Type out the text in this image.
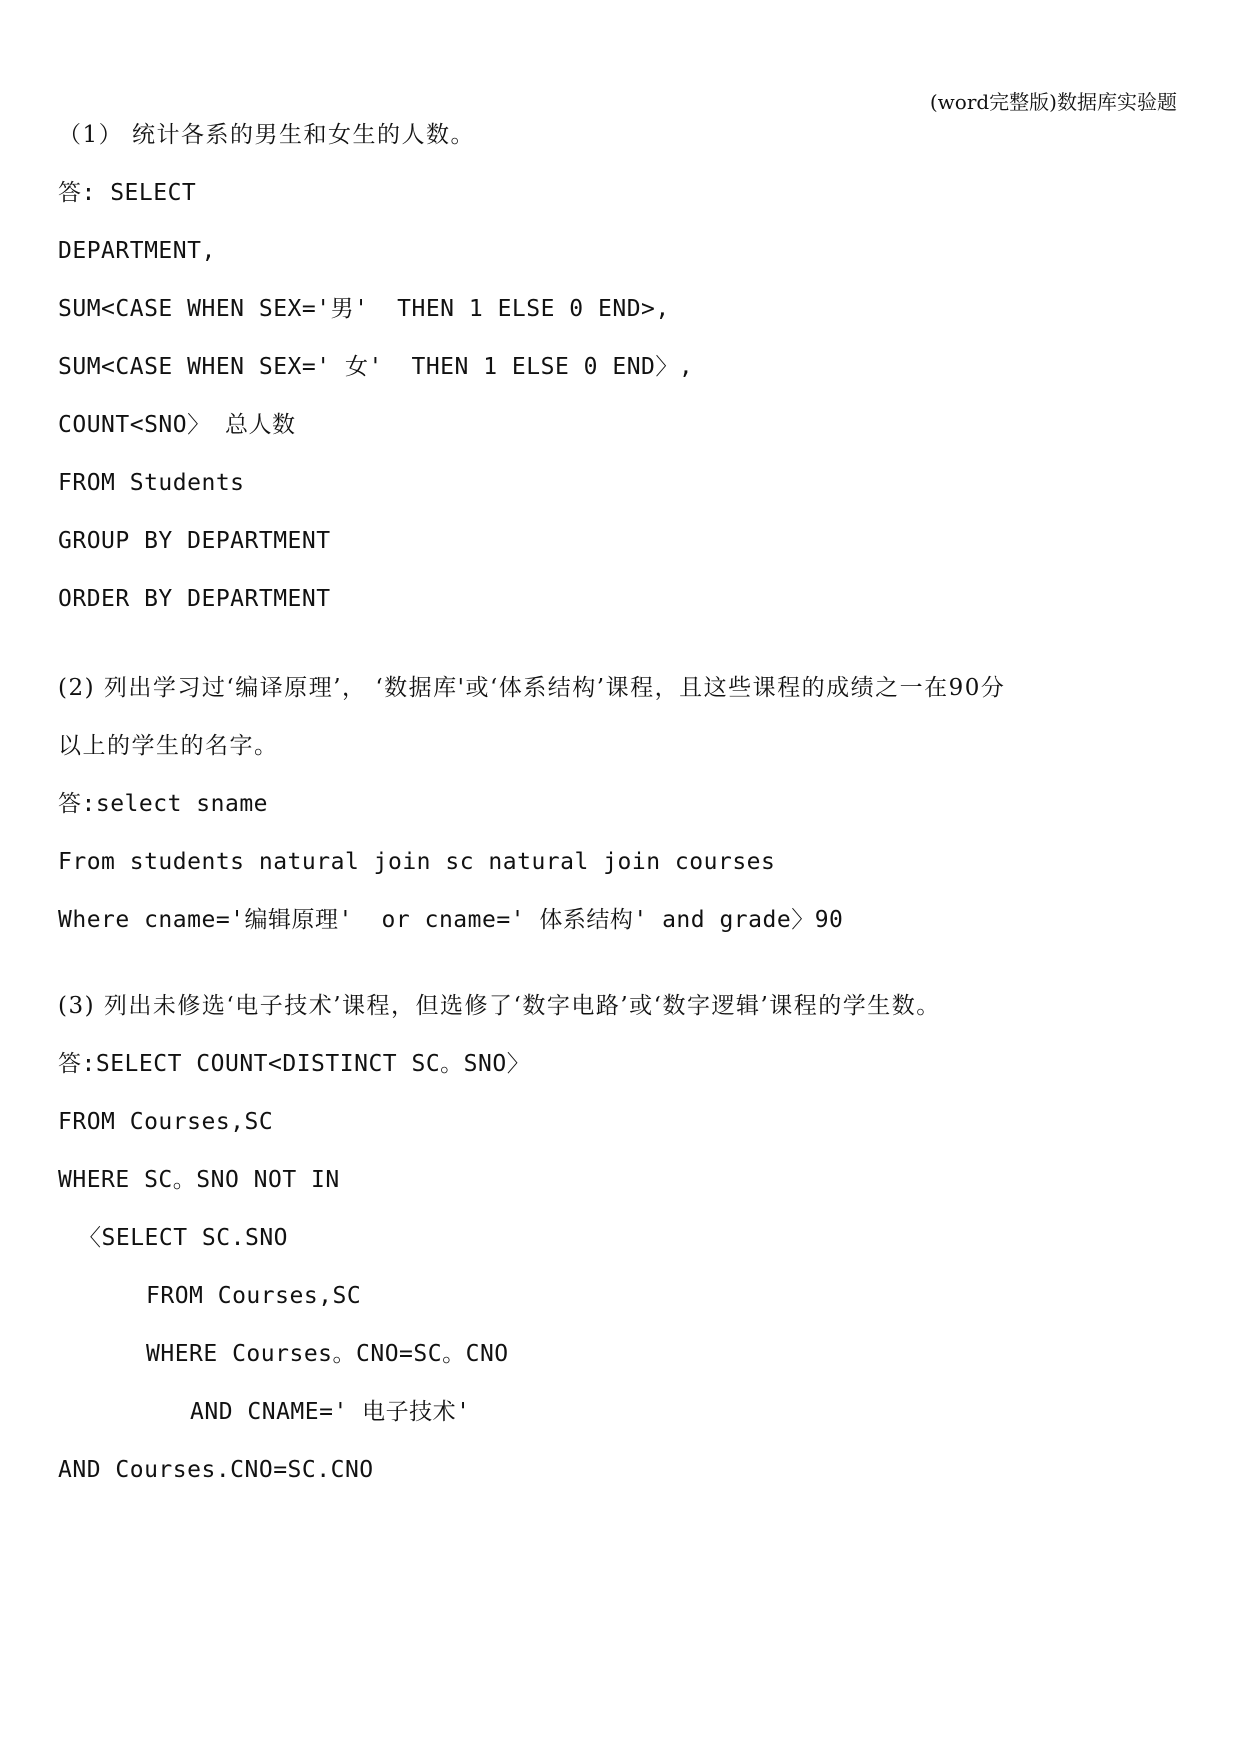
(word完整版)数据库实验题
（1） 统计各系的男生和女生的人数。
答: SELECT
DEPARTMENT,
SUM<CASE WHEN SEX='男'  THEN 1 ELSE 0 END>,
SUM<CASE WHEN SEX=' 女'  THEN 1 ELSE 0 END〉,
COUNT<SNO〉 总人数
FROM Students
GROUP BY DEPARTMENT
ORDER BY DEPARTMENT
(2) 列出学习过‘编译原理’， ‘数据库'或‘体系结构’课程，且这些课程的成绩之一在90分
以上的学生的名字。
答:select sname
From students natural join sc natural join courses
Where cname='编辑原理'  or cname=' 体系结构' and grade〉90
(3) 列出未修选‘电子技术’课程，但选修了‘数字电路’或‘数字逻辑’课程的学生数。
答:SELECT COUNT<DISTINCT SC。SNO〉
FROM Courses,SC
WHERE SC。SNO NOT IN
〈SELECT SC.SNO
FROM Courses,SC
WHERE Courses。CNO=SC。CNO
AND CNAME=' 电子技术'
AND Courses.CNO=SC.CNO
